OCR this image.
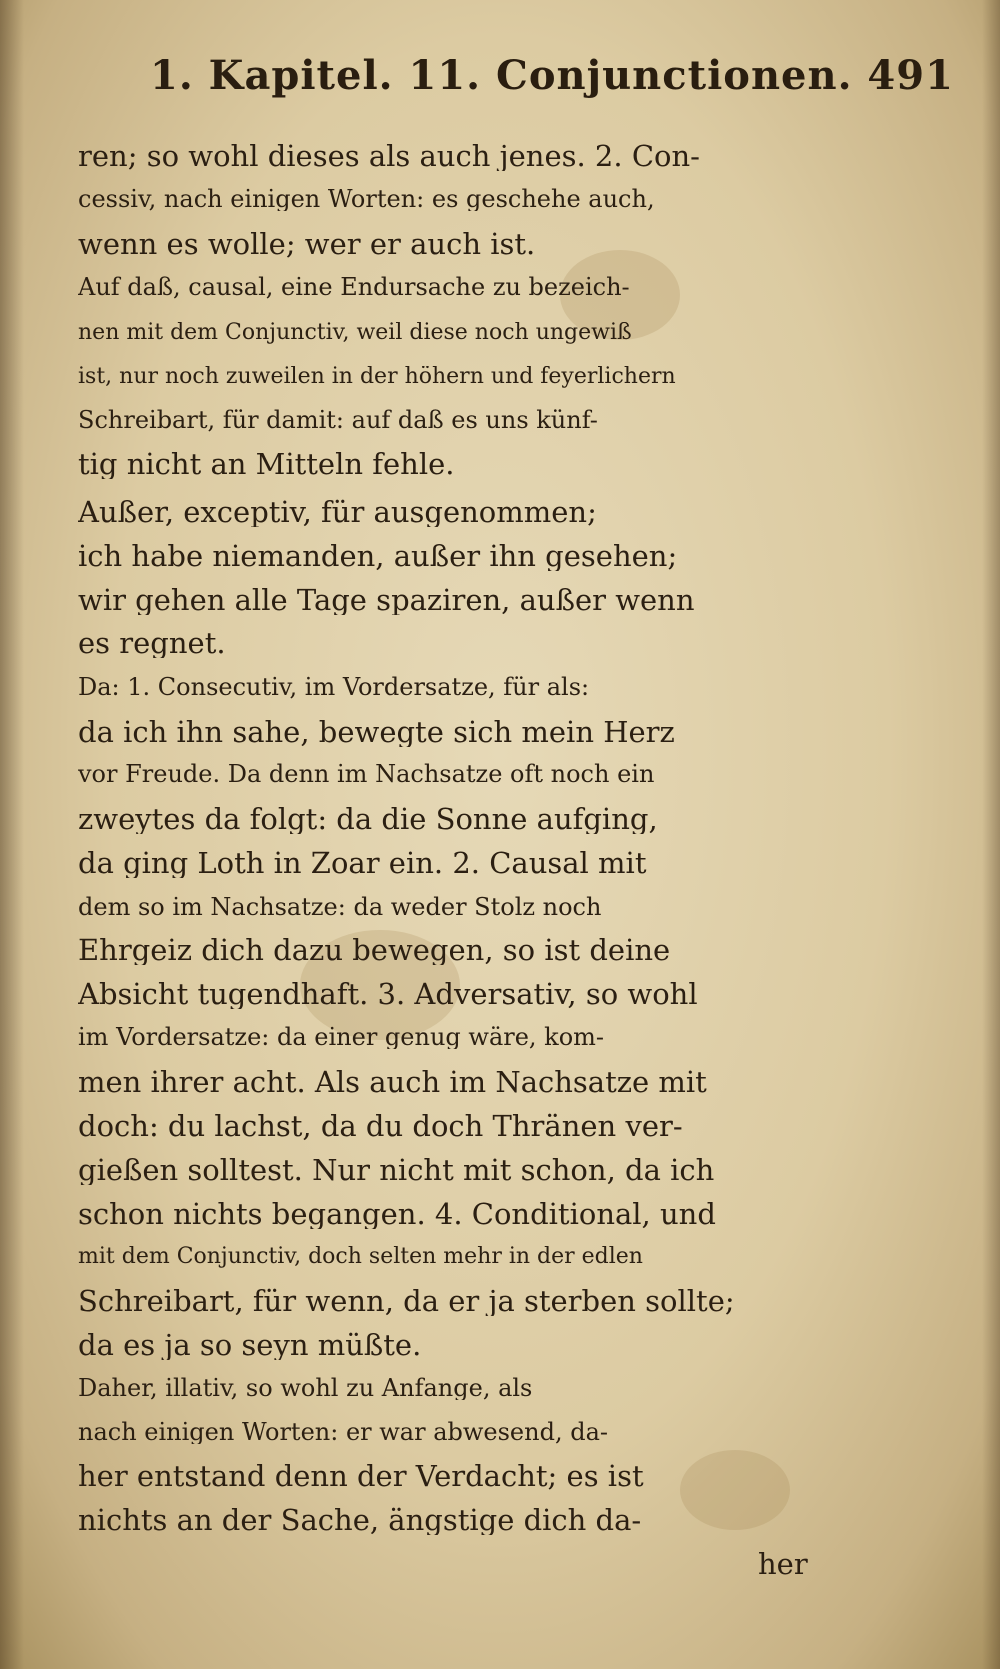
1. Kapitel. 11. Conjunctionen. 491
ren; so wohl dieses als auch jenes. 2. Con-
cessiv, nach einigen Worten: es geschehe auch,
wenn es wolle; wer er auch ist.
Auf daß, causal, eine Endursache zu bezeich-
nen mit dem Conjunctiv, weil diese noch ungewiß
ist, nur noch zuweilen in der höhern und feyerlichern
Schreibart, für damit: auf daß es uns künf-
tig nicht an Mitteln fehle.
Außer, exceptiv, für ausgenommen;
ich habe niemanden, außer ihn gesehen;
wir gehen alle Tage spaziren, außer wenn
es regnet.
Da: 1. Consecutiv, im Vordersatze, für als:
da ich ihn sahe, bewegte sich mein Herz
vor Freude. Da denn im Nachsatze oft noch ein
zweytes da folgt: da die Sonne aufging,
da ging Loth in Zoar ein. 2. Causal mit
dem so im Nachsatze: da weder Stolz noch
Ehrgeiz dich dazu bewegen, so ist deine
Absicht tugendhaft. 3. Adversativ, so wohl
im Vordersatze: da einer genug wäre, kom-
men ihrer acht. Als auch im Nachsatze mit
doch: du lachst, da du doch Thränen ver-
gießen solltest. Nur nicht mit schon, da ich
schon nichts begangen. 4. Conditional, und
mit dem Conjunctiv, doch selten mehr in der edlen
Schreibart, für wenn, da er ja sterben sollte;
da es ja so seyn müßte.
Daher, illativ, so wohl zu Anfange, als
nach einigen Worten: er war abwesend, da-
her entstand denn der Verdacht; es ist
nichts an der Sache, ängstige dich da-
her
